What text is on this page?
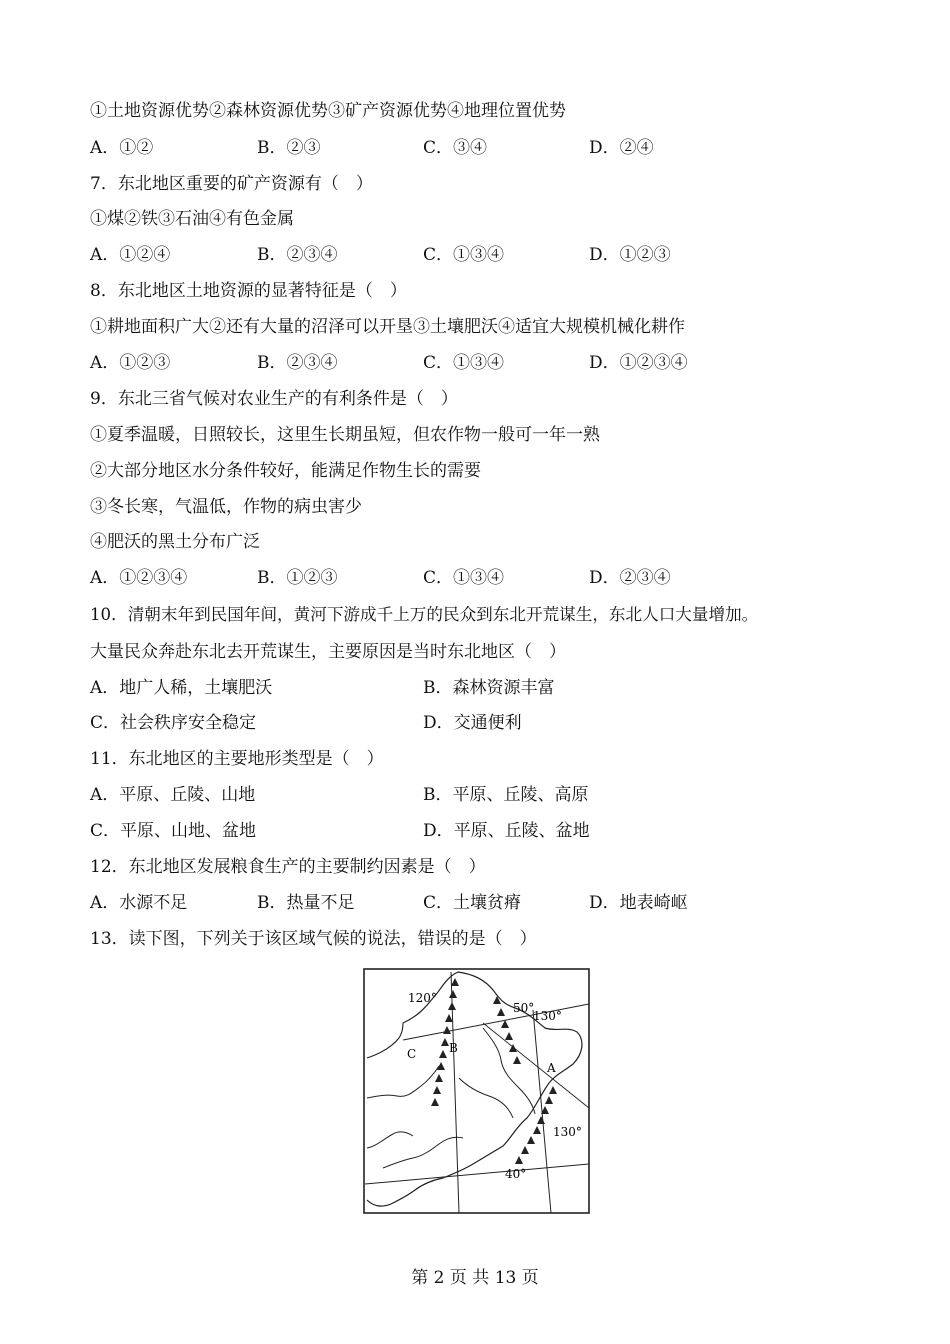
①土地资源优势②森林资源优势③矿产资源优势④地理位置优势
A．①②	B．②③	C．③④	D．②④
7．东北地区重要的矿产资源有（　）
①煤②铁③石油④有色金属
A．①②④	B．②③④	C．①③④	D．①②③
8．东北地区土地资源的显著特征是（　）
①耕地面积广大②还有大量的沼泽可以开垦③土壤肥沃④适宜大规模机械化耕作
A．①②③	B．②③④	C．①③④	D．①②③④
9．东北三省气候对农业生产的有利条件是（　）
①夏季温暖，日照较长，这里生长期虽短，但农作物一般可一年一熟
②大部分地区水分条件较好，能满足作物生长的需要
③冬长寒，气温低，作物的病虫害少
④肥沃的黑土分布广泛
A．①②③④	B．①②③	C．①③④	D．②③④
10．清朝末年到民国年间，黄河下游成千上万的民众到东北开荒谋生，东北人口大量增加。
大量民众奔赴东北去开荒谋生，主要原因是当时东北地区（　）
A．地广人稀，土壤肥沃	B．森林资源丰富
C．社会秩序安全稳定	D．交通便利
11．东北地区的主要地形类型是（　）
A．平原、丘陵、山地	B．平原、丘陵、高原
C．平原、山地、盆地	D．平原、丘陵、盆地
12．东北地区发展粮食生产的主要制约因素是（　）
A．水源不足	B．热量不足	C．土壤贫瘠	D．地表崎岖
13．读下图，下列关于该区域气候的说法，错误的是（　）
120°
50°
130°
130°
40°
A
B
C
第 2 页 共 13 页
